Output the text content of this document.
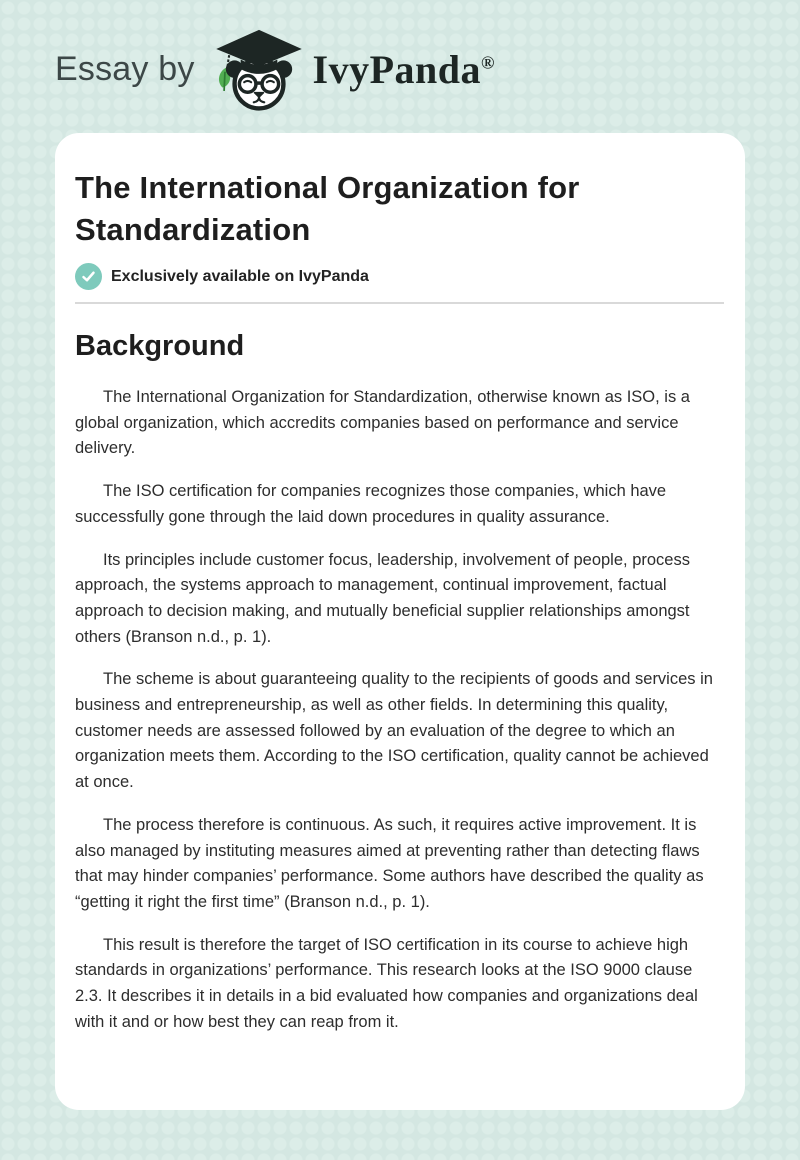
Essay by	IvyPanda®
The International Organization for Standardization
Exclusively available on IvyPanda
Background

The International Organization for Standardization, otherwise known as ISO, is a global organization, which accredits companies based on performance and service delivery.

The ISO certification for companies recognizes those companies, which have successfully gone through the laid down procedures in quality assurance.

Its principles include customer focus, leadership, involvement of people, process approach, the systems approach to management, continual improvement, factual approach to decision making, and mutually beneficial supplier relationships amongst others (Branson n.d., p. 1).

The scheme is about guaranteeing quality to the recipients of goods and services in business and entrepreneurship, as well as other fields. In determining this quality, customer needs are assessed followed by an evaluation of the degree to which an organization meets them. According to the ISO certification, quality cannot be achieved at once.

The process therefore is continuous. As such, it requires active improvement. It is also managed by instituting measures aimed at preventing rather than detecting flaws that may hinder companies’ performance. Some authors have described the quality as “getting it right the first time” (Branson n.d., p. 1).

This result is therefore the target of ISO certification in its course to achieve high standards in organizations’ performance. This research looks at the ISO 9000 clause 2.3. It describes it in details in a bid evaluated how companies and organizations deal with it and or how best they can reap from it.
